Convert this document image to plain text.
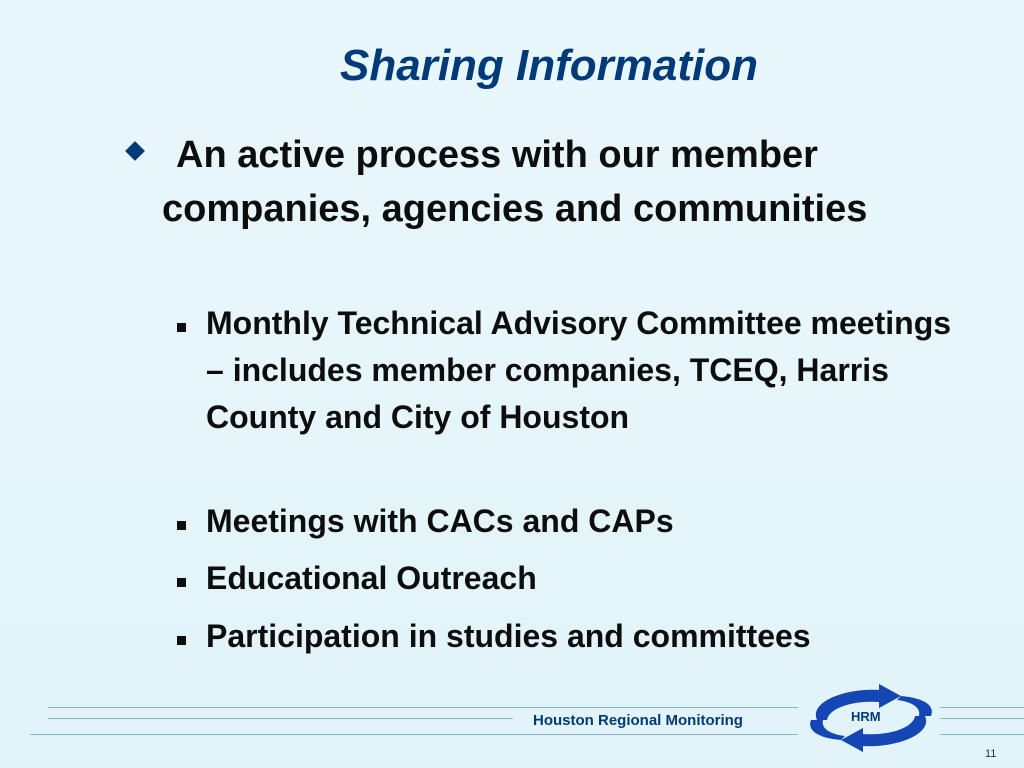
Sharing Information
An active process with our member companies, agencies and communities
Monthly Technical Advisory Committee meetings – includes member companies, TCEQ, Harris County and City of Houston
Meetings with CACs and CAPs
Educational Outreach
Participation in studies and committees
Houston Regional Monitoring	HRM
11
